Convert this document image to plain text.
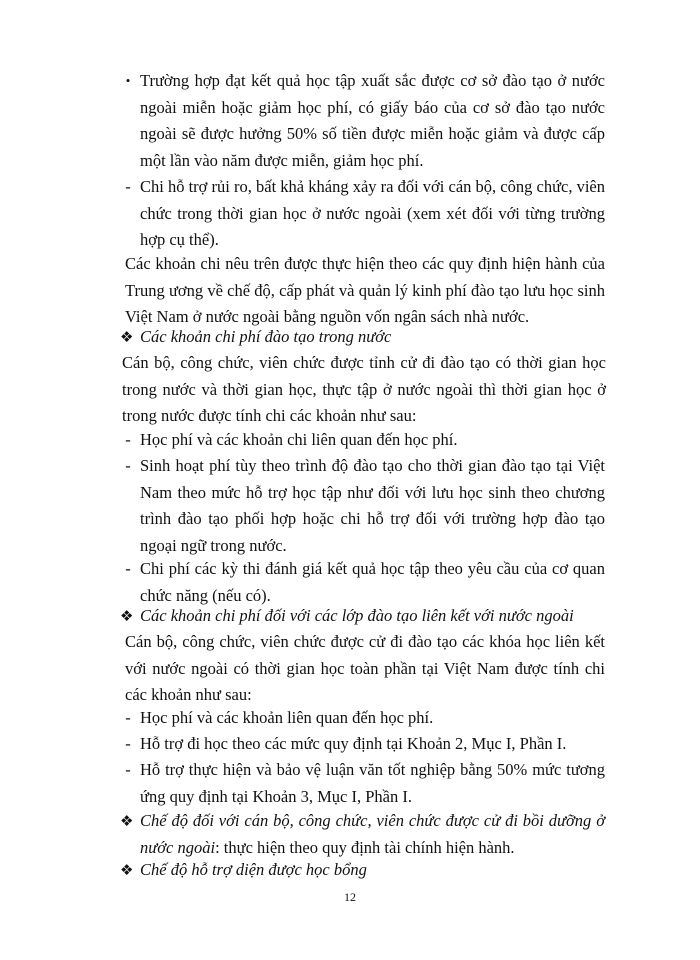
• Trường hợp đạt kết quả học tập xuất sắc được cơ sở đào tạo ở nước ngoài miễn hoặc giảm học phí, có giấy báo của cơ sở đào tạo nước ngoài sẽ được hưởng 50% số tiền được miễn hoặc giảm và được cấp một lần vào năm được miễn, giảm học phí.
- Chi hỗ trợ rủi ro, bất khả kháng xảy ra đối với cán bộ, công chức, viên chức trong thời gian học ở nước ngoài (xem xét đối với từng trường hợp cụ thể).
Các khoản chi nêu trên được thực hiện theo các quy định hiện hành của Trung ương về chế độ, cấp phát và quản lý kinh phí đào tạo lưu học sinh Việt Nam ở nước ngoài bằng nguồn vốn ngân sách nhà nước.
❖ Các khoản chi phí đào tạo trong nước
Cán bộ, công chức, viên chức được tỉnh cử đi đào tạo có thời gian học trong nước và thời gian học, thực tập ở nước ngoài thì thời gian học ở trong nước được tính chi các khoản như sau:
- Học phí và các khoản chi liên quan đến học phí.
- Sinh hoạt phí tùy theo trình độ đào tạo cho thời gian đào tạo tại Việt Nam theo mức hỗ trợ học tập như đối với lưu học sinh theo chương trình đào tạo phối hợp hoặc chi hỗ trợ đối với trường hợp đào tạo ngoại ngữ trong nước.
- Chi phí các kỳ thi đánh giá kết quả học tập theo yêu cầu của cơ quan chức năng (nếu có).
❖ Các khoản chi phí đối với các lớp đào tạo liên kết với nước ngoài
Cán bộ, công chức, viên chức được cử đi đào tạo các khóa học liên kết với nước ngoài có thời gian học toàn phần tại Việt Nam được tính chi các khoản như sau:
- Học phí và các khoản liên quan đến học phí.
- Hỗ trợ đi học theo các mức quy định tại Khoản 2, Mục I, Phần I.
- Hỗ trợ thực hiện và bảo vệ luận văn tốt nghiệp bằng 50% mức tương ứng quy định tại Khoản 3, Mục I, Phần I.
❖ Chế độ đối với cán bộ, công chức, viên chức được cử đi bồi dưỡng ở nước ngoài: thực hiện theo quy định tài chính hiện hành.
❖ Chế độ hỗ trợ diện được học bổng
12
